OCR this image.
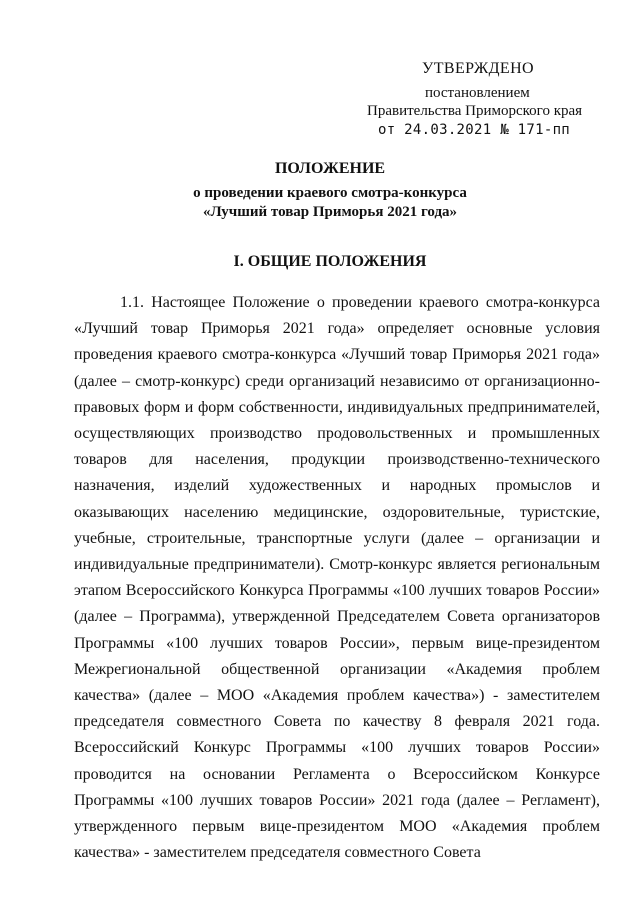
УТВЕРЖДЕНО
постановлением
Правительства Приморского края
от 24.03.2021 № 171-пп
ПОЛОЖЕНИЕ
о проведении краевого смотра-конкурса
«Лучший товар Приморья 2021 года»
I. ОБЩИЕ ПОЛОЖЕНИЯ

1.1. Настоящее Положение о проведении краевого смотра-конкурса «Лучший товар Приморья 2021 года» определяет основные условия проведения краевого смотра-конкурса «Лучший товар Приморья 2021 года» (далее – смотр-конкурс) среди организаций независимо от организационно-правовых форм и форм собственности, индивидуальных предпринимателей, осуществляющих производство продовольственных и промышленных товаров для населения, продукции производственно-технического назначения, изделий художественных и народных промыслов и оказывающих населению медицинские, оздоровительные, туристские, учебные, строительные, транспортные услуги (далее – организации и индивидуальные предприниматели). Смотр-конкурс является региональным этапом Всероссийского Конкурса Программы «100 лучших товаров России» (далее – Программа), утвержденной Председателем Совета организаторов Программы «100 лучших товаров России», первым вице-президентом Межрегиональной общественной организации «Академия проблем качества» (далее – МОО «Академия проблем качества») - заместителем председателя совместного Совета по качеству 8 февраля 2021 года. Всероссийский Конкурс Программы «100 лучших товаров России» проводится на основании Регламента о Всероссийском Конкурсе Программы «100 лучших товаров России» 2021 года (далее – Регламент), утвержденного первым вице-президентом МОО «Академия проблем качества» - заместителем председателя совместного Совета
